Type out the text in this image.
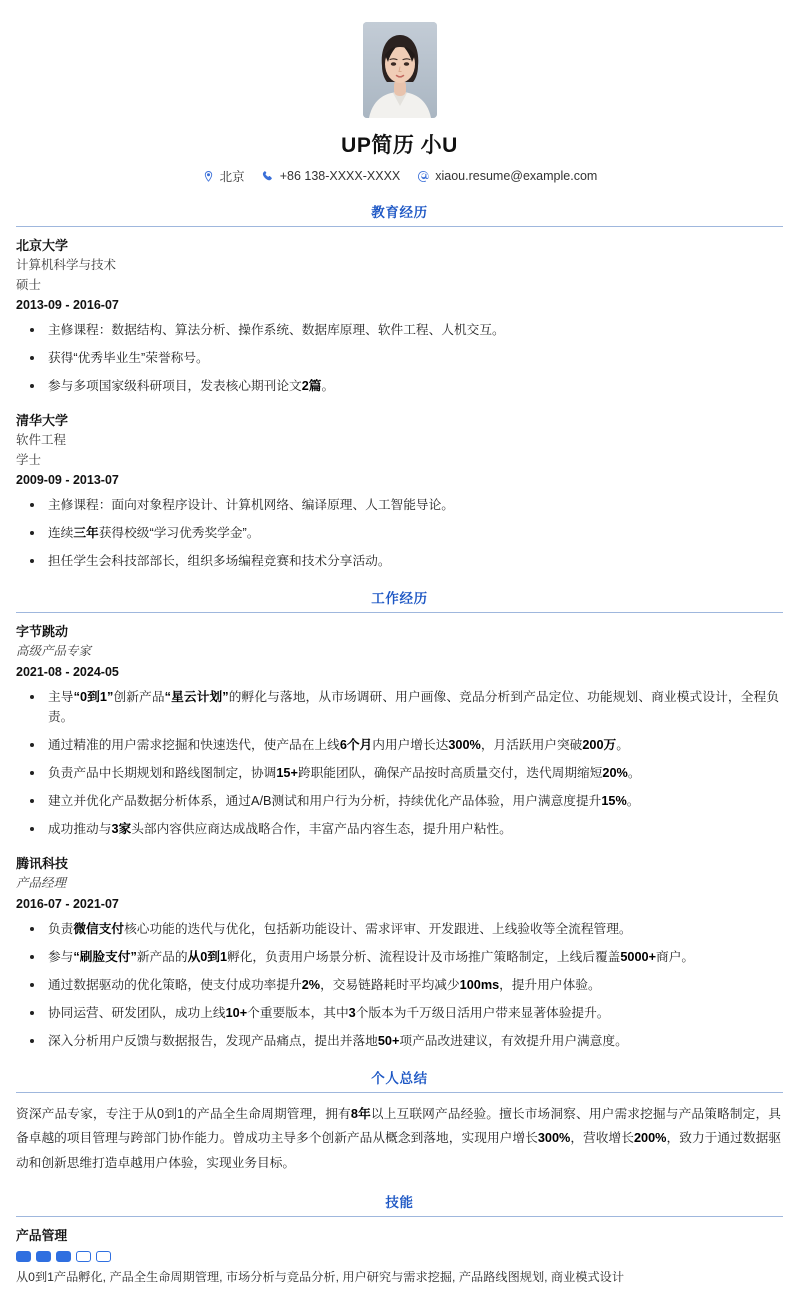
UP简历 小U
北京	+86 138-XXXX-XXXX	xiaou.resume@example.com
教育经历
北京大学
计算机科学与技术
硕士
2013-09 - 2016-07
主修课程：数据结构、算法分析、操作系统、数据库原理、软件工程、人机交互。
获得“优秀毕业生”荣誉称号。
参与多项国家级科研项目，发表核心期刊论文2篇。
清华大学
软件工程
学士
2009-09 - 2013-07
主修课程：面向对象程序设计、计算机网络、编译原理、人工智能导论。
连续三年获得校级“学习优秀奖学金”。
担任学生会科技部部长，组织多场编程竞赛和技术分享活动。
工作经历
字节跳动
高级产品专家
2021-08 - 2024-05
主导“0到1”创新产品“星云计划”的孵化与落地，从市场调研、用户画像、竞品分析到产品定位、功能规划、商业模式设计，全程负责。
通过精准的用户需求挖掘和快速迭代，使产品在上线6个月内用户增长达300%，月活跃用户突破200万。
负责产品中长期规划和路线图制定，协调15+跨职能团队，确保产品按时高质量交付，迭代周期缩短20%。
建立并优化产品数据分析体系，通过A/B测试和用户行为分析，持续优化产品体验，用户满意度提升15%。
成功推动与3家头部内容供应商达成战略合作，丰富产品内容生态，提升用户粘性。
腾讯科技
产品经理
2016-07 - 2021-07
负责微信支付核心功能的迭代与优化，包括新功能设计、需求评审、开发跟进、上线验收等全流程管理。
参与“刷脸支付”新产品的从0到1孵化，负责用户场景分析、流程设计及市场推广策略制定，上线后覆盖5000+商户。
通过数据驱动的优化策略，使支付成功率提升2%，交易链路耗时平均减少100ms，提升用户体验。
协同运营、研发团队，成功上线10+个重要版本，其中3个版本为千万级日活用户带来显著体验提升。
深入分析用户反馈与数据报告，发现产品痛点，提出并落地50+项产品改进建议，有效提升用户满意度。
个人总结
资深产品专家，专注于从0到1的产品全生命周期管理，拥有8年以上互联网产品经验。擅长市场洞察、用户需求挖掘与产品策略制定，具备卓越的项目管理与跨部门协作能力。曾成功主导多个创新产品从概念到落地，实现用户增长300%，营收增长200%，致力于通过数据驱动和创新思维打造卓越用户体验，实现业务目标。
技能
产品管理
从0到1产品孵化, 产品全生命周期管理, 市场分析与竞品分析, 用户研究与需求挖掘, 产品路线图规划, 商业模式设计
